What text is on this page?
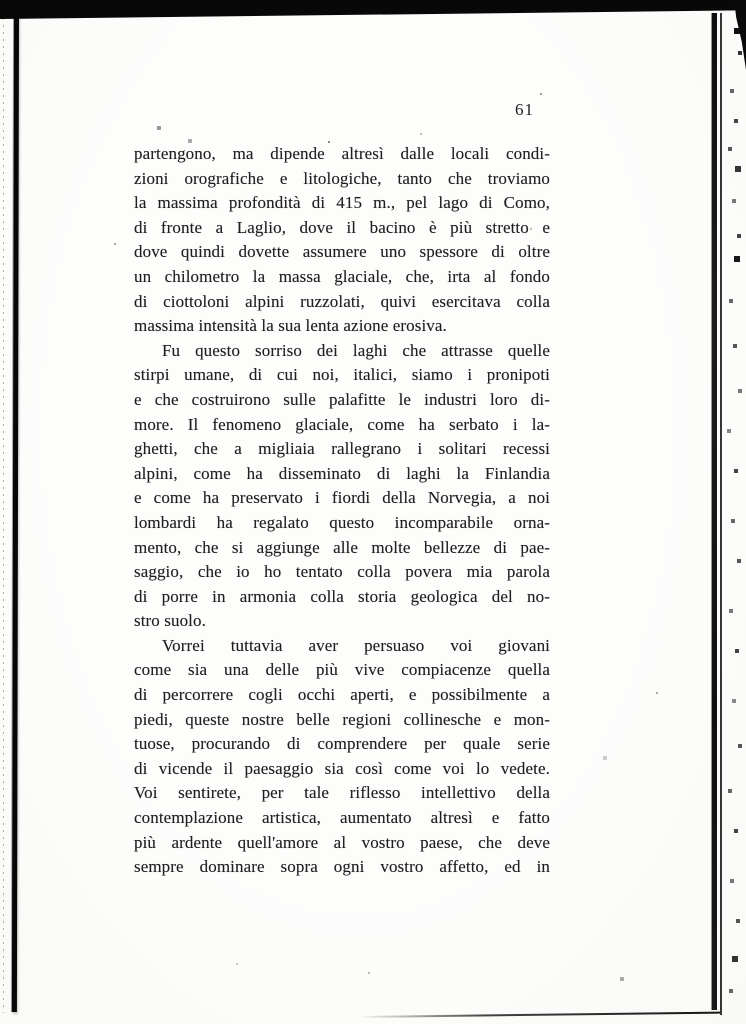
61
partengono, ma dipende altresì dalle locali condi-
zioni orografiche e litologiche, tanto che troviamo
la massima profondità di 415 m., pel lago di Como,
di fronte a Laglio, dove il bacino è più stretto e
dove quindi dovette assumere uno spessore di oltre
un chilometro la massa glaciale, che, irta al fondo
di ciottoloni alpini ruzzolati, quivi esercitava colla
massima intensità la sua lenta azione erosiva.
Fu questo sorriso dei laghi che attrasse quelle
stirpi umane, di cui noi, italici, siamo i pronipoti
e che costruirono sulle palafitte le industri loro di-
more. Il fenomeno glaciale, come ha serbato i la-
ghetti, che a migliaia rallegrano i solitari recessi
alpini, come ha disseminato di laghi la Finlandia
e come ha preservato i fiordi della Norvegia, a noi
lombardi ha regalato questo incomparabile orna-
mento, che si aggiunge alle molte bellezze di pae-
saggio, che io ho tentato colla povera mia parola
di porre in armonia colla storia geologica del no-
stro suolo.
Vorrei tuttavia aver persuaso voi giovani
come sia una delle più vive compiacenze quella
di percorrere cogli occhi aperti, e possibilmente a
piedi, queste nostre belle regioni collinesche e mon-
tuose, procurando di comprendere per quale serie
di vicende il paesaggio sia così come voi lo vedete.
Voi sentirete, per tale riflesso intellettivo della
contemplazione artistica, aumentato altresì e fatto
più ardente quell'amore al vostro paese, che deve
sempre dominare sopra ogni vostro affetto, ed in
